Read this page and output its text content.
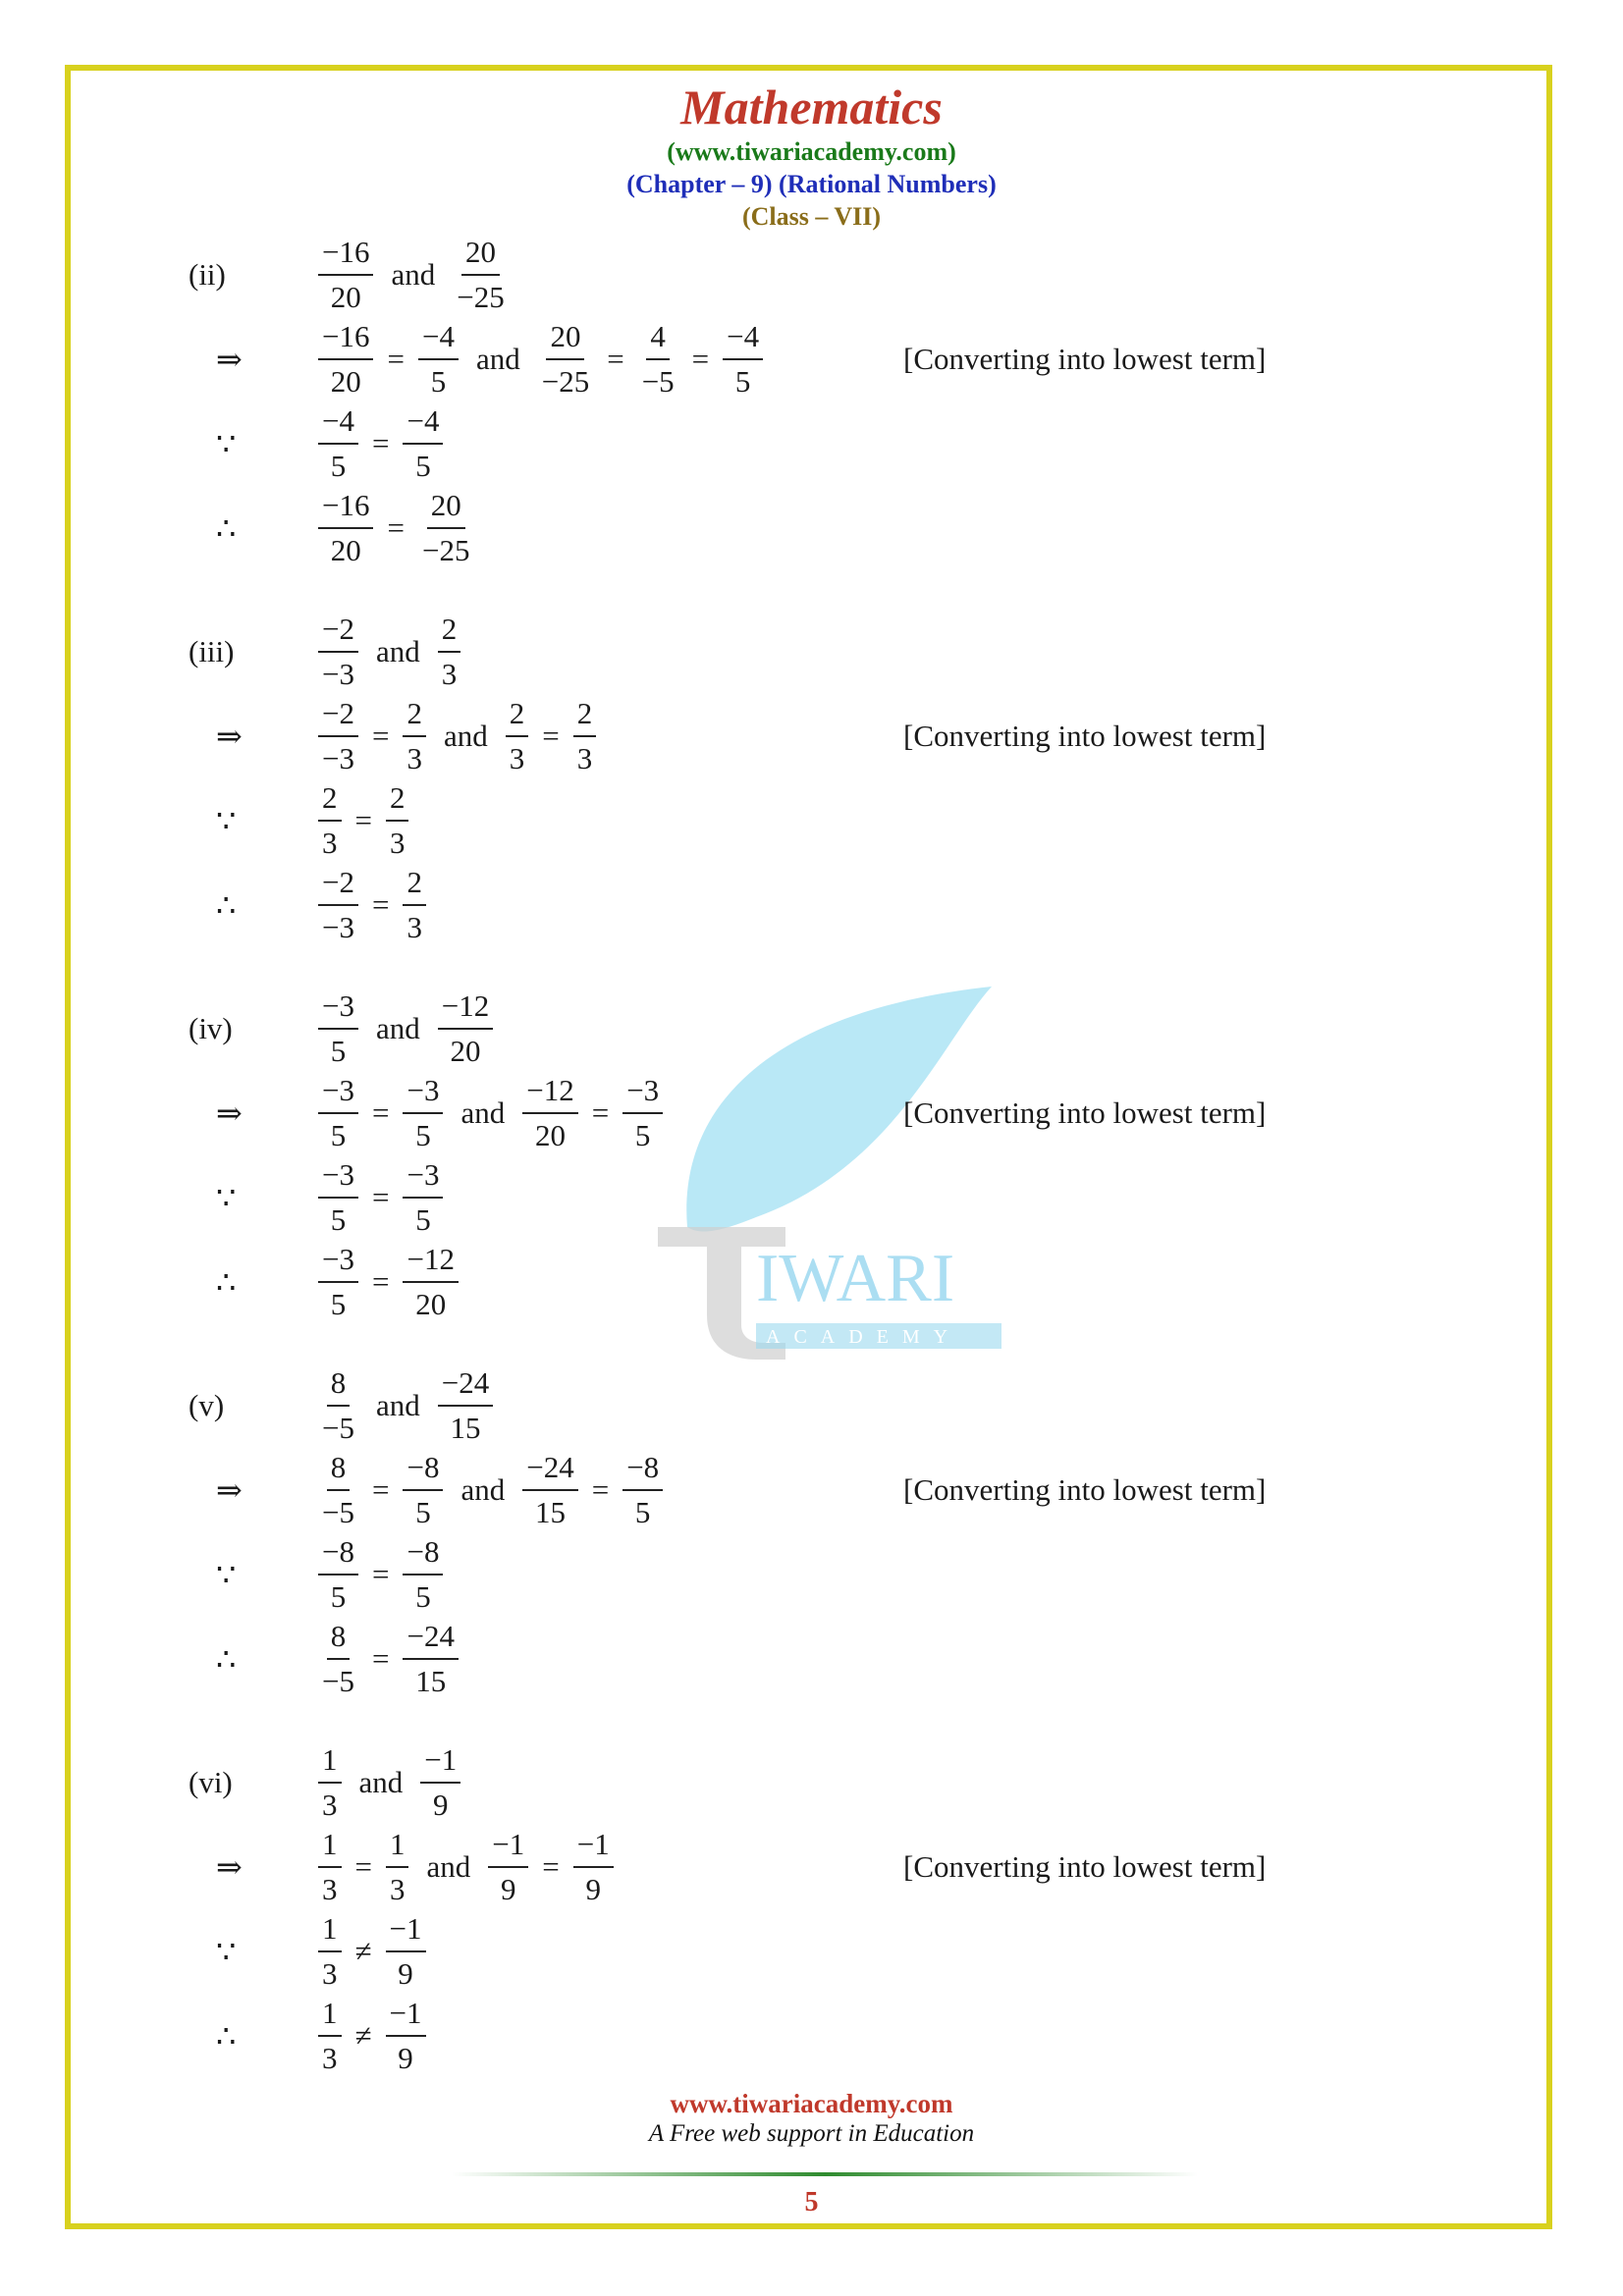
Mathematics
(www.tiwariacademy.com)
(Chapter – 9) (Rational Numbers)
(Class – VII)
IWARI
ACADEMY
(ii)	$\frac{-16}{20}$ and $\frac{20}{-25}$
⇒ $\frac{-16}{20} = \frac{-4}{5}$ and $\frac{20}{-25} = \frac{4}{-5} = \frac{-4}{5}$	[Converting into lowest term]
∵	$\frac{-4}{5} = \frac{-4}{5}$
∴	$\frac{-16}{20} = \frac{20}{-25}$
(iii)	$\frac{-2}{-3}$ and $\frac{2}{3}$
⇒ $\frac{-2}{-3} = \frac{2}{3}$ and $\frac{2}{3} = \frac{2}{3}$	[Converting into lowest term]
∵	$\frac{2}{3} = \frac{2}{3}$
∴	$\frac{-2}{-3} = \frac{2}{3}$
(iv)	$\frac{-3}{5}$ and $\frac{-12}{20}$
⇒ $\frac{-3}{5} = \frac{-3}{5}$ and $\frac{-12}{20} = \frac{-3}{5}$	[Converting into lowest term]
∵	$\frac{-3}{5} = \frac{-3}{5}$
∴	$\frac{-3}{5} = \frac{-12}{20}$
(v)	$\frac{8}{-5}$ and $\frac{-24}{15}$
⇒ $\frac{8}{-5} = \frac{-8}{5}$ and $\frac{-24}{15} = \frac{-8}{5}$	[Converting into lowest term]
∵	$\frac{-8}{5} = \frac{-8}{5}$
∴	$\frac{8}{-5} = \frac{-24}{15}$
(vi)	$\frac{1}{3}$ and $\frac{-1}{9}$
⇒ $\frac{1}{3} = \frac{1}{3}$ and $\frac{-1}{9} = \frac{-1}{9}$	[Converting into lowest term]
∵	$\frac{1}{3} \ne \frac{-1}{9}$
∴	$\frac{1}{3} \ne \frac{-1}{9}$
www.tiwariacademy.com
A Free web support in Education
5
